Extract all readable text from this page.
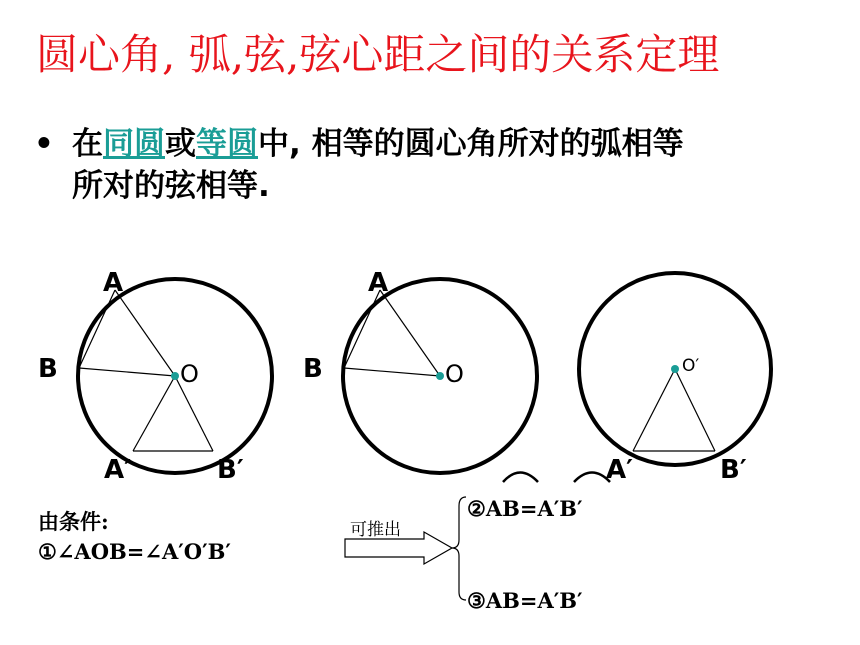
圆心角, 弧,弦,弦心距之间的关系定理
• 在同圆或等圆中, 相等的圆心角所对的弧相等
所对的弦相等.
A
B	O
A′	B′
A
B	O	O′
A′	B′
由条件:
①∠AOB=∠A′O′B′
可推出
②AB=A′B′
③AB=A′B′
